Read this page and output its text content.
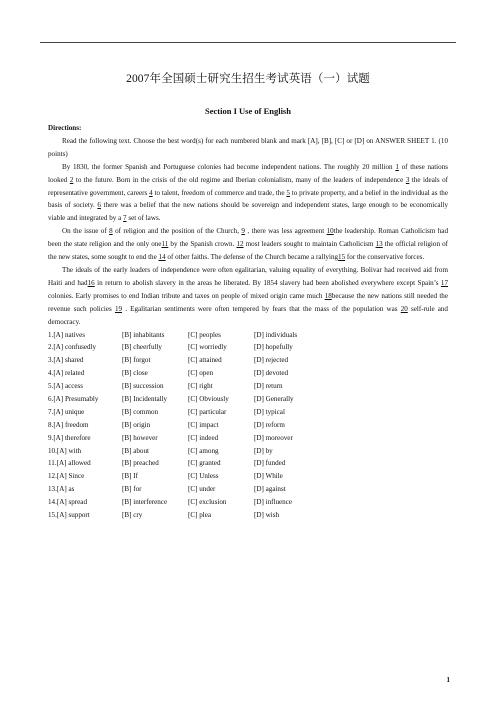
2007年全国硕士研究生招生考试英语（一）试题
Section I Use of English

Directions:

Read the following text. Choose the best word(s) for each numbered blank and mark [A], [B], [C] or [D] on ANSWER SHEET 1. (10 points)

By 1830, the former Spanish and Portuguese colonies had become independent nations. The roughly 20 million 1 of these nations looked 2 to the future. Born in the crisis of the old regime and Iberian colonialism, many of the leaders of independence 3 the ideals of representative government, careers 4 to talent, freedom of commerce and trade, the 5 to private property, and a belief in the individual as the basis of society. 6 there was a belief that the new nations should be sovereign and independent states, large enough to be economically viable and integrated by a 7 set of laws.

On the issue of 8 of religion and the position of the Church, 9 , there was less agreement 10the leadership. Roman Catholicism had been the state religion and the only one11 by the Spanish crown. 12 most leaders sought to maintain Catholicism 13 the official religion of the new states, some sought to end the 14 of other faiths. The defense of the Church became a rallying15 for the conservative forces.

The ideals of the early leaders of independence were often egalitarian, valuing equality of everything. Bolivar had received aid from Haiti and had16 in return to abolish slavery in the areas he liberated. By 1854 slavery had been abolished everywhere except Spain’s 17 colonies. Early promises to end Indian tribute and taxes on people of mixed origin came much 18because the new nations still needed the revenue such policies 19 . Egalitarian sentiments were often tempered by fears that the mass of the population was 20 self-rule and democracy.

1.[A] natives	[B] inhabitants	[C] peoples	[D] individuals
2.[A] confusedly	[B] cheerfully	[C] worriedly	[D] hopefully
3.[A] shared	[B] forgot	[C] attained	[D] rejected
4.[A] related	[B] close	[C] open	[D] devoted
5.[A] access	[B] succession	[C] right	[D] return
6.[A] Presumably	[B] Incidentally	[C] Obviously	[D] Generally
7.[A] unique	[B] common	[C] particular	[D] typical
8.[A] freedom	[B] origin	[C] impact	[D] reform
9.[A] therefore	[B] however	[C] indeed	[D] moreover
10.[A] with	[B] about	[C] among	[D] by
11.[A] allowed	[B] preached	[C] granted	[D] funded
12.[A] Since	[B] If	[C] Unless	[D] While
13.[A] as	[B] for	[C] under	[D] against
14.[A] spread	[B] interference	[C] exclusion	[D] influence
15.[A] support	[B] cry	[C] plea	[D] wish
1
